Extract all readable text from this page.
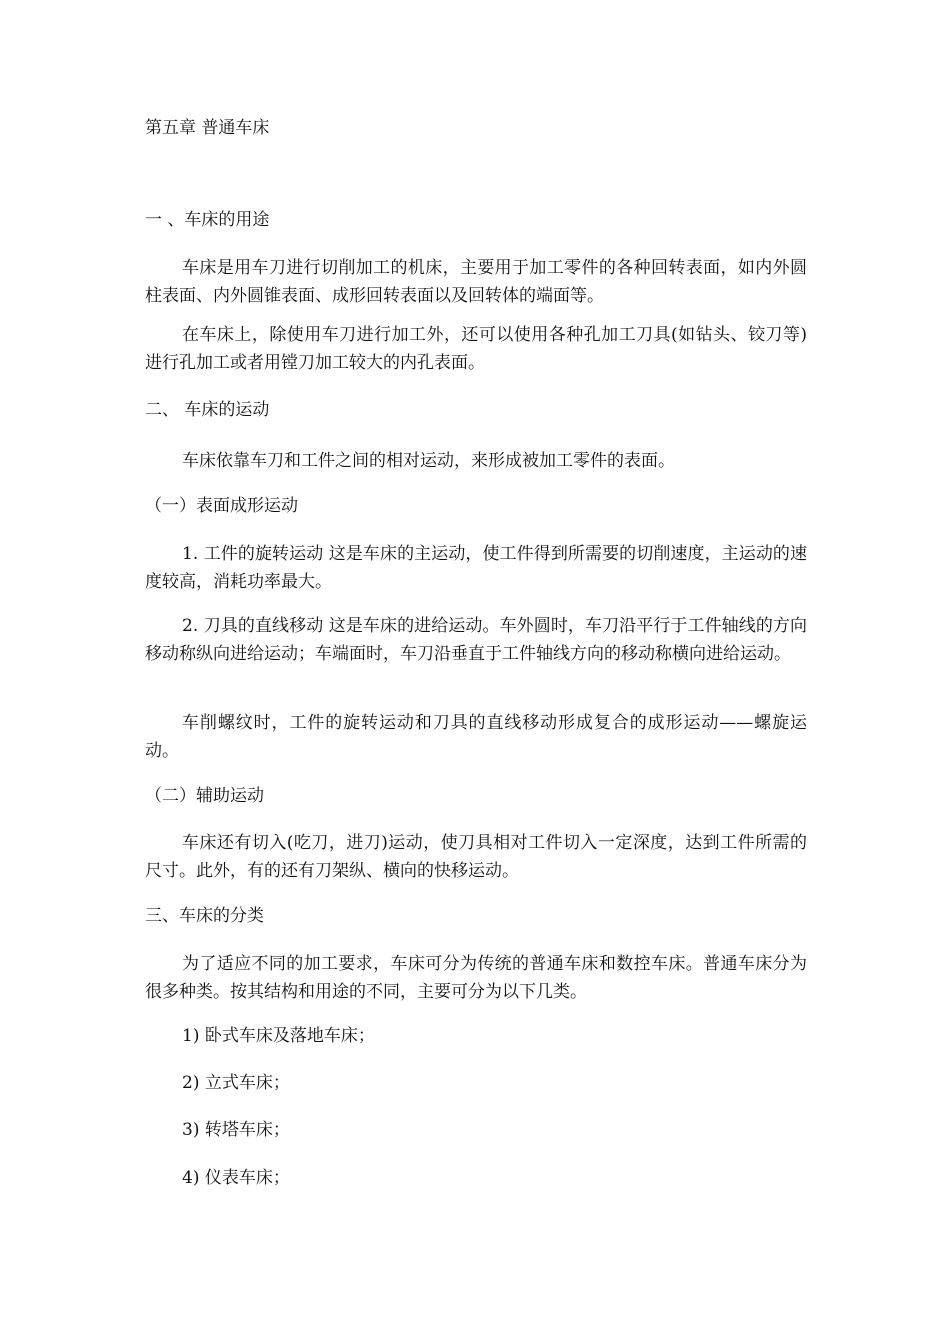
第五章 普通车床
一 、车床的用途
车床是用车刀进行切削加工的机床，主要用于加工零件的各种回转表面，如内外圆柱表面、内外圆锥表面、成形回转表面以及回转体的端面等。
在车床上，除使用车刀进行加工外，还可以使用各种孔加工刀具(如钻头、铰刀等)进行孔加工或者用镗刀加工较大的内孔表面。
二、 车床的运动
车床依靠车刀和工件之间的相对运动，来形成被加工零件的表面。
（一）表面成形运动
1. 工件的旋转运动 这是车床的主运动，使工件得到所需要的切削速度，主运动的速度较高，消耗功率最大。
2. 刀具的直线移动 这是车床的进给运动。车外圆时，车刀沿平行于工件轴线的方向移动称纵向进给运动；车端面时，车刀沿垂直于工件轴线方向的移动称横向进给运动。
车削螺纹时，工件的旋转运动和刀具的直线移动形成复合的成形运动——螺旋运动。
（二）辅助运动
车床还有切入(吃刀，进刀)运动，使刀具相对工件切入一定深度，达到工件所需的尺寸。此外，有的还有刀架纵、横向的快移运动。
三、车床的分类
为了适应不同的加工要求，车床可分为传统的普通车床和数控车床。普通车床分为很多种类。按其结构和用途的不同，主要可分为以下几类。
1) 卧式车床及落地车床；
2) 立式车床；
3) 转塔车床；
4) 仪表车床；
